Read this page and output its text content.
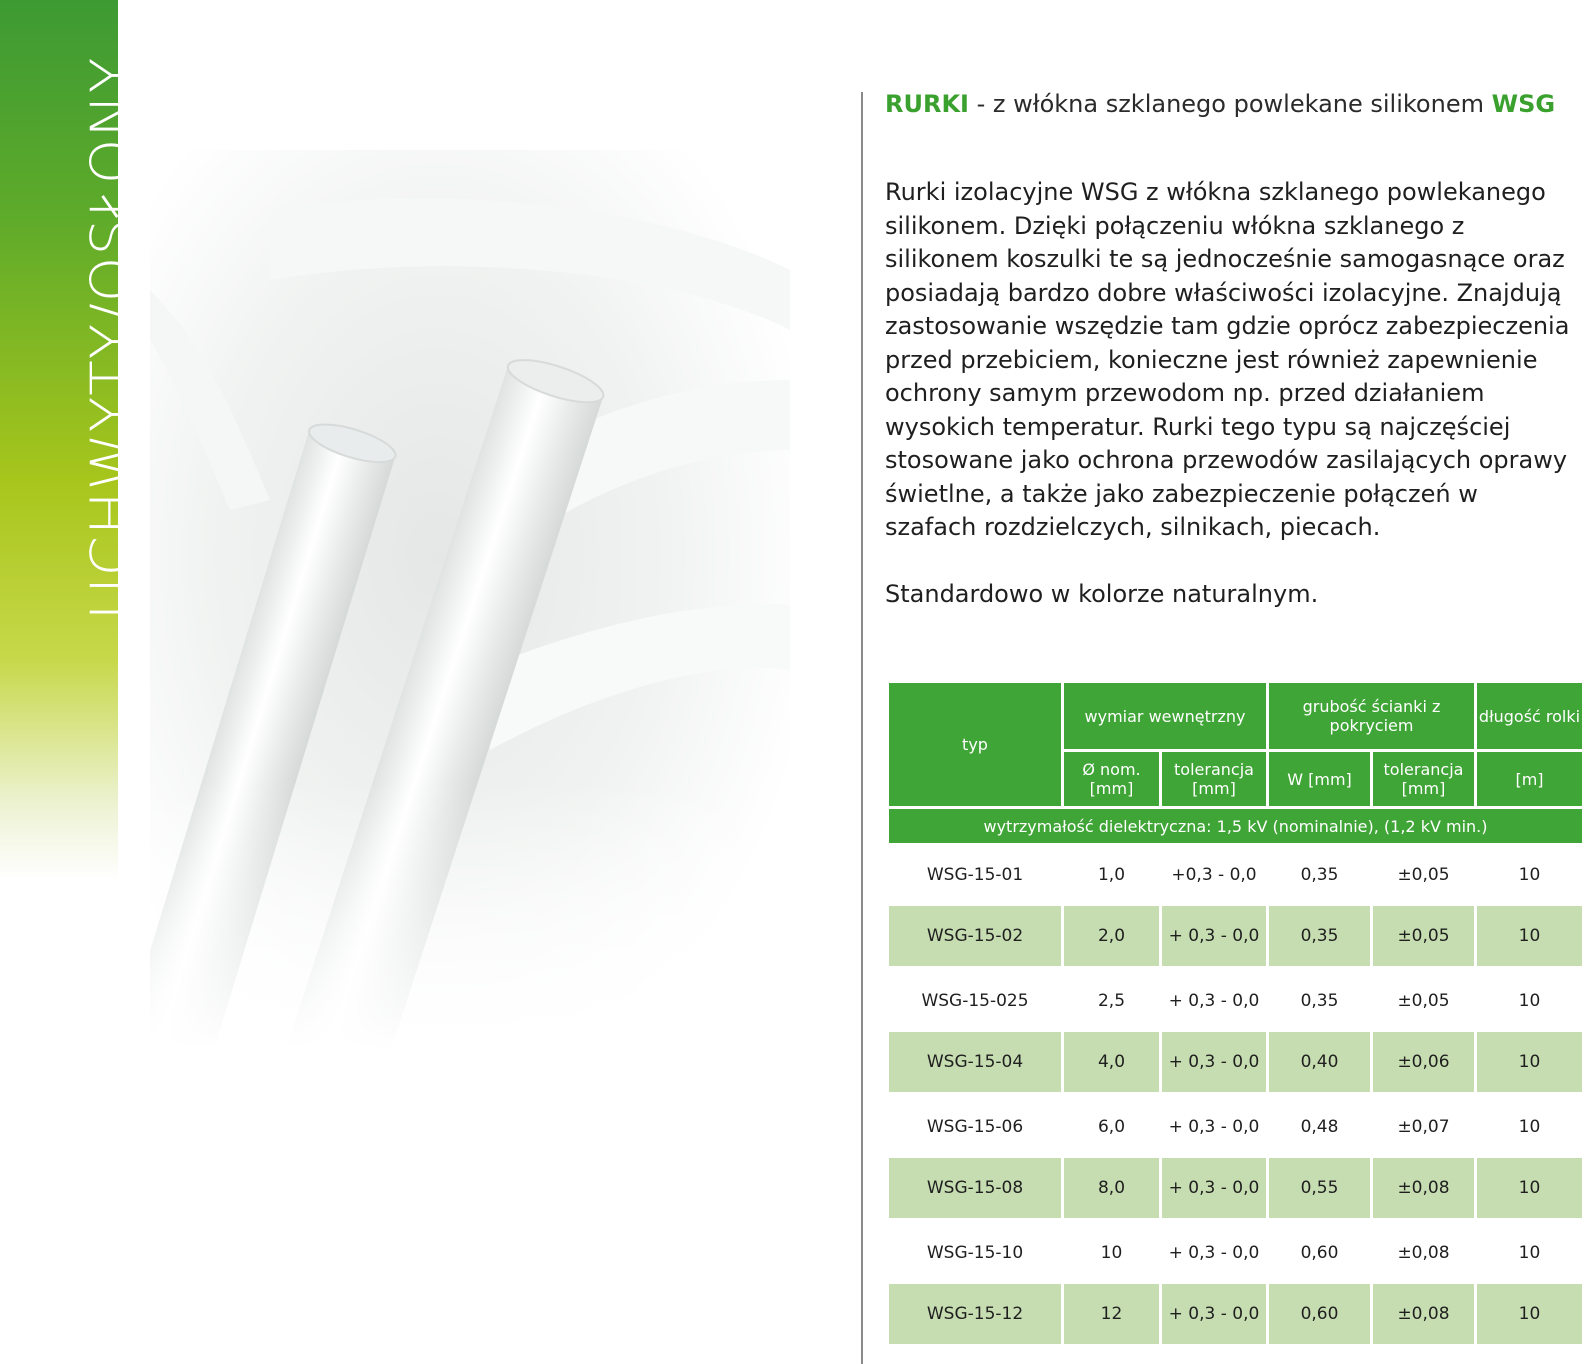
UCHWYTY/OSŁONY	RURKI - z włókna szklanego powlekane silikonem WSG

Rurki izolacyjne WSG z włókna szklanego powlekanego silikonem. Dzięki połączeniu włókna szklanego z silikonem koszulki te są jednocześnie samogasnące oraz posiadają bardzo dobre właściwości izolacyjne. Znajdują zastosowanie wszędzie tam gdzie oprócz zabezpieczenia przed przebiciem, konieczne jest również zapewnienie ochrony samym przewodom np. przed działaniem wysokich temperatur. Rurki tego typu są najczęściej stosowane jako ochrona przewodów zasilających oprawy świetlne, a także jako zabezpieczenie połączeń w szafach rozdzielczych, silnikach, piecach.

Standardowo w kolorze naturalnym.

typ	wymiar wewnętrzny		grubość ścianki z pokryciem		długość rolki
	Ø nom. [mm]	tolerancja [mm]	W [mm]	tolerancja [mm]	[m]
wytrzymałość dielektryczna: 1,5 kV (nominalnie), (1,2 kV min.)					
WSG-15-01	1,0	+0,3 - 0,0	0,35	±0,05	10
WSG-15-02	2,0	+ 0,3 - 0,0	0,35	±0,05	10
WSG-15-025	2,5	+ 0,3 - 0,0	0,35	±0,05	10
WSG-15-04	4,0	+ 0,3 - 0,0	0,40	±0,06	10
WSG-15-06	6,0	+ 0,3 - 0,0	0,48	±0,07	10
WSG-15-08	8,0	+ 0,3 - 0,0	0,55	±0,08	10
WSG-15-10	10	+ 0,3 - 0,0	0,60	±0,08	10
WSG-15-12	12	+ 0,3 - 0,0	0,60	±0,08	10
